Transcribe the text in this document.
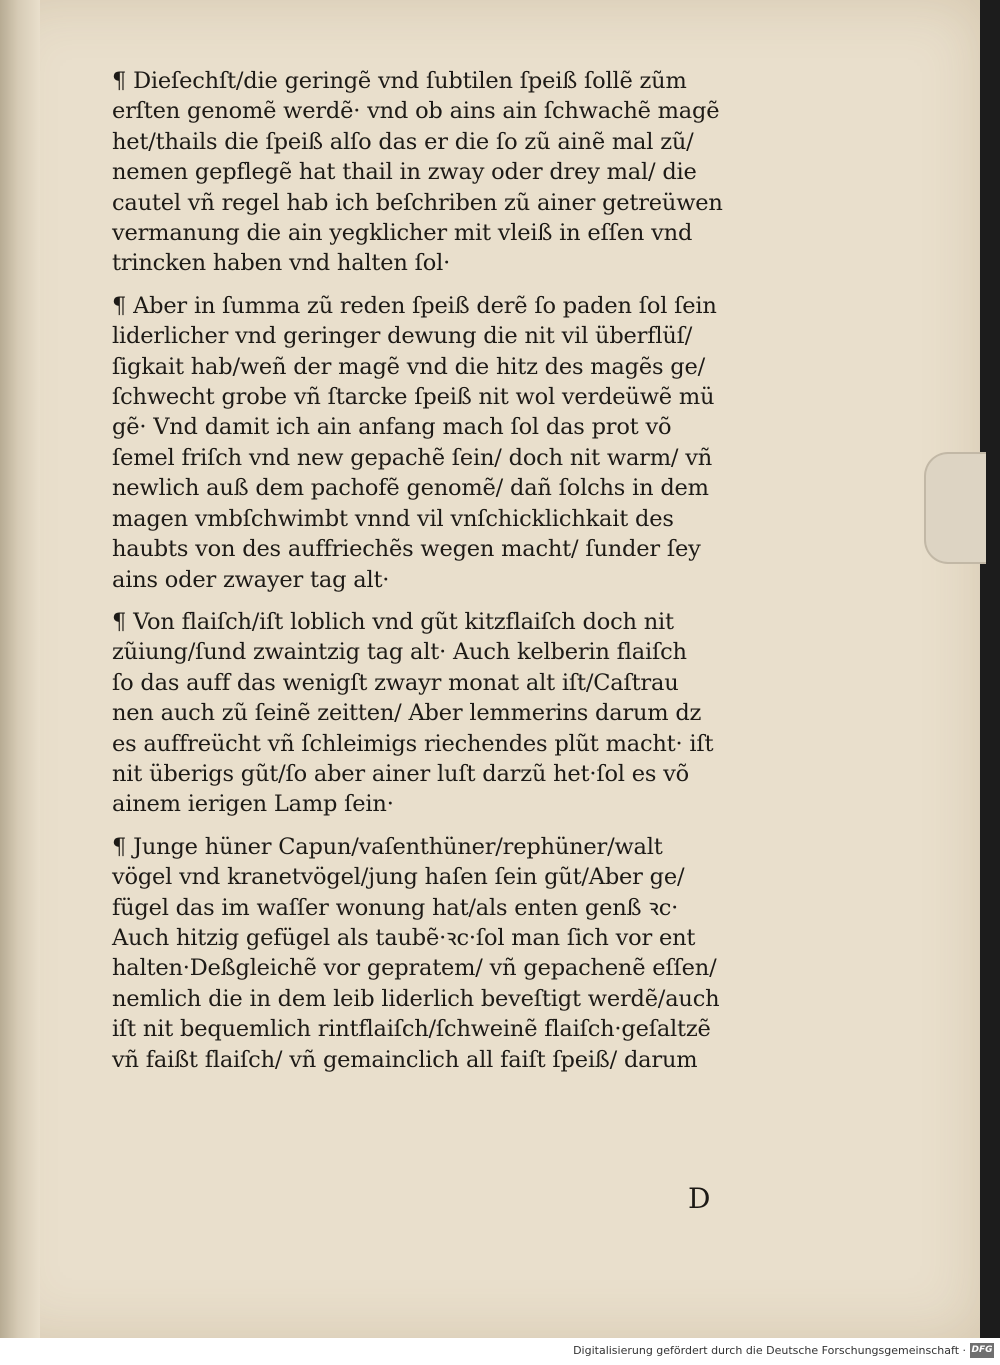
¶ Dieſechſt/die geringẽ vnd ſubtilen ſpeiß ſollẽ zũm
erſten genomẽ werdẽ· vnd ob ains ain ſchwachẽ magẽ
het/thails die ſpeiß alſo das er die ſo zũ ainẽ mal zũ/
nemen gepflegẽ hat thail in zway oder drey mal/ die
cautel vñ regel hab ich beſchriben zũ ainer getreüwen
vermanung die ain yegklicher mit vleiß in eſſen vnd
trincken haben vnd halten ſol·
¶ Aber in ſumma zũ reden ſpeiß derẽ ſo paden ſol ſein
liderlicher vnd geringer dewung die nit vil überflüſ/
ſigkait hab/weñ der magẽ vnd die hitz des magẽs ge/
ſchwecht grobe vñ ſtarcke ſpeiß nit wol verdeüwẽ mü
gẽ· Vnd damit ich ain anfang mach ſol das prot võ
ſemel friſch vnd new gepachẽ ſein/ doch nit warm/ vñ
newlich auß dem pachofẽ genomẽ/ dañ ſolchs in dem
magen vmbſchwimbt vnnd vil vnſchicklichkait des
haubts von des auffriechẽs wegen macht/ ſunder ſey
ains oder zwayer tag alt·
¶ Von flaiſch/iſt loblich vnd gũt kitzflaiſch doch nit
zũiung/ſund zwaintzig tag alt· Auch kelberin flaiſch
ſo das auff das wenigſt zwayr monat alt iſt/Caſtrau
nen auch zũ ſeinẽ zeitten/ Aber lemmerins darum dz
es auffreücht vñ ſchleimigs riechendes plũt macht· iſt
nit überigs gũt/ſo aber ainer luſt darzũ het·ſol es võ
ainem ierigen Lamp ſein·
¶ Junge hüner Capun/vaſenthüner/rephüner/walt
vögel vnd kranetvögel/jung haſen ſein gũt/Aber ge/
fügel das im waſſer wonung hat/als enten genß ꝛc·
Auch hitzig gefügel als taubẽ·ꝛc·ſol man ſich vor ent
halten·Deßgleichẽ vor gepratem/ vñ gepachenẽ eſſen/
nemlich die in dem leib liderlich beveſtigt werdẽ/auch
iſt nit bequemlich rintflaiſch/ſchweinẽ flaiſch·geſaltzẽ
vñ faißt flaiſch/ vñ gemainclich all faiſt ſpeiß/ darum
D
Digitalisierung gefördert durch die Deutsche Forschungsgemeinschaft · DFG
